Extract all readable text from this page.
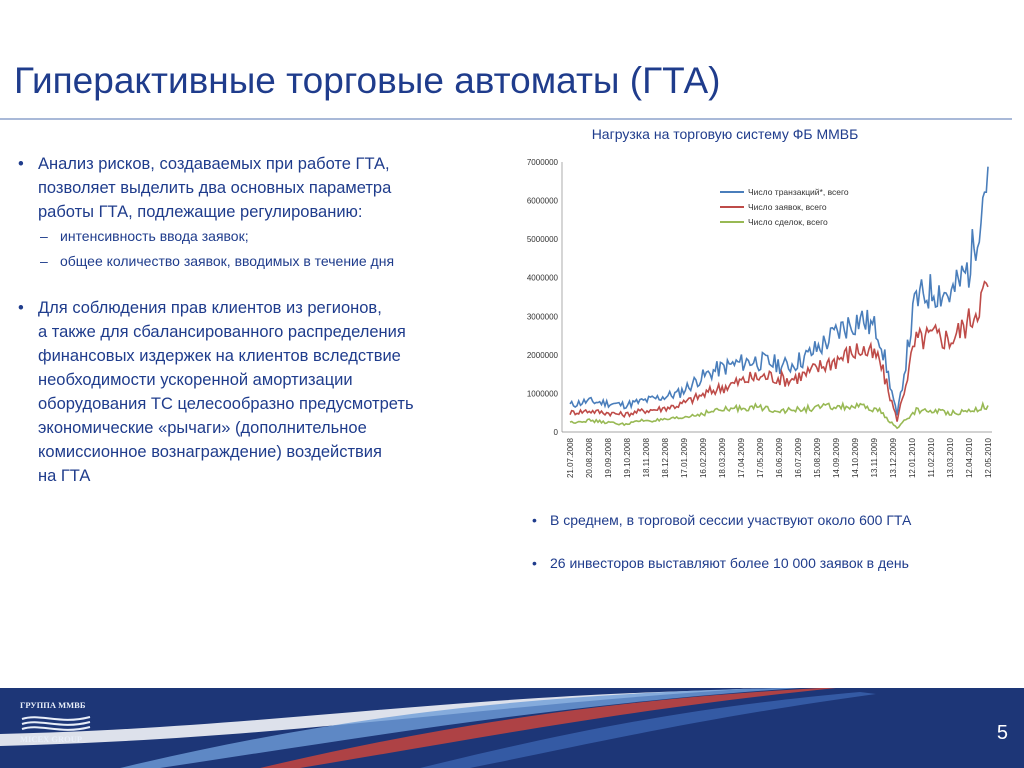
Гиперактивные торговые автоматы (ГТА)
Нагрузка на торговую систему ФБ ММВБ
7000000
6000000
5000000
4000000
3000000
2000000
1000000
0
21.07.2008 20.08.2008 19.09.2008 19.10.2008 18.11.2008 18.12.2008 17.01.2009 16.02.2009 18.03.2009 17.04.2009 17.05.2009 16.06.2009 16.07.2009 15.08.2009 14.09.2009 14.10.2009 13.11.2009 13.12.2009 12.01.2010 11.02.2010 13.03.2010 12.04.2010 12.05.2010
Число транзакций*, всего
Число заявок, всего
Число сделок, всего
• Анализ рисков, создаваемых при работе ГТА,
позволяет выделить два основных параметра
работы ГТА, подлежащие регулированию:
– интенсивность ввода заявок;
– общее количество заявок, вводимых в течение дня
• Для соблюдения прав клиентов из регионов,
а также для сбалансированного распределения
финансовых издержек на клиентов вследствие
необходимости ускоренной амортизации
оборудования ТС целесообразно предусмотреть
экономические «рычаги» (дополнительное
комиссионное вознаграждение) воздействия
на ГТА
• В среднем, в торговой сессии участвуют около 600 ГТА
• 26 инвесторов выставляют более 10 000 заявок в день
ГРУППА ММВБ
MICEX GROUP	5
